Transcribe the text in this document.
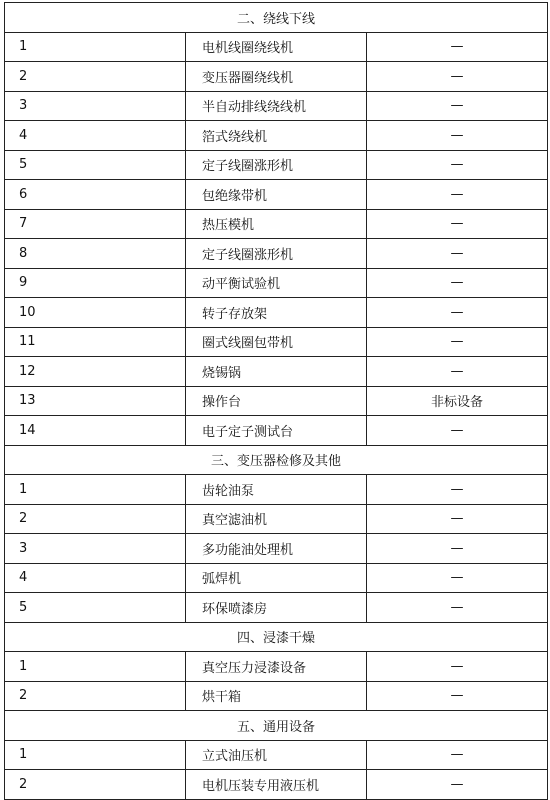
二、绕线下线		
1	电机线圈绕线机	—
2	变压器圈绕线机	—
3	半自动排线绕线机	—
4	箔式绕线机	—
5	定子线圈涨形机	—
6	包绝缘带机	—
7	热压模机	—
8	定子线圈涨形机	—
9	动平衡试验机	—
10	转子存放架	—
11	圈式线圈包带机	—
12	烧锡锅	—
13	操作台	非标设备
14	电子定子测试台	—
三、变压器检修及其他		
1	齿轮油泵	—
2	真空滤油机	—
3	多功能油处理机	—
4	弧焊机	—
5	环保喷漆房	—
四、浸漆干燥		
1	真空压力浸漆设备	—
2	烘干箱	—
五、通用设备		
1	立式油压机	—
2	电机压装专用液压机	—
